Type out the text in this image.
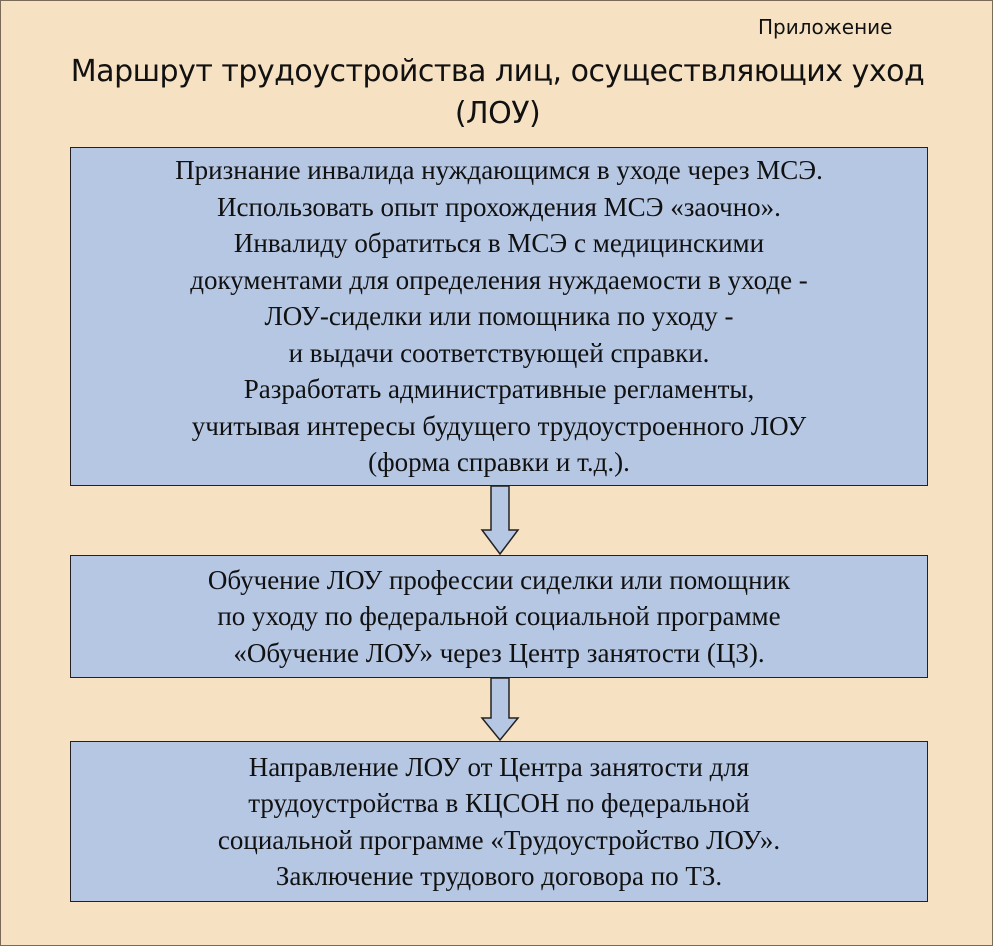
Приложение
Маршрут трудоустройства лиц, осуществляющих уход
(ЛОУ)
Признание инвалида нуждающимся в уходе через МСЭ.
Использовать опыт прохождения МСЭ «заочно».
Инвалиду обратиться в МСЭ с медицинскими
документами для определения нуждаемости в уходе -
ЛОУ-сиделки или помощника по уходу -
и выдачи соответствующей справки.
Разработать административные регламенты,
учитывая интересы будущего трудоустроенного ЛОУ
(форма справки и т.д.).
Обучение ЛОУ профессии сиделки или помощник
по уходу по федеральной социальной программе
«Обучение ЛОУ» через Центр занятости (ЦЗ).
Направление ЛОУ от Центра занятости для
трудоустройства в КЦСОН по федеральной
социальной программе «Трудоустройство ЛОУ».
Заключение трудового договора по ТЗ.
